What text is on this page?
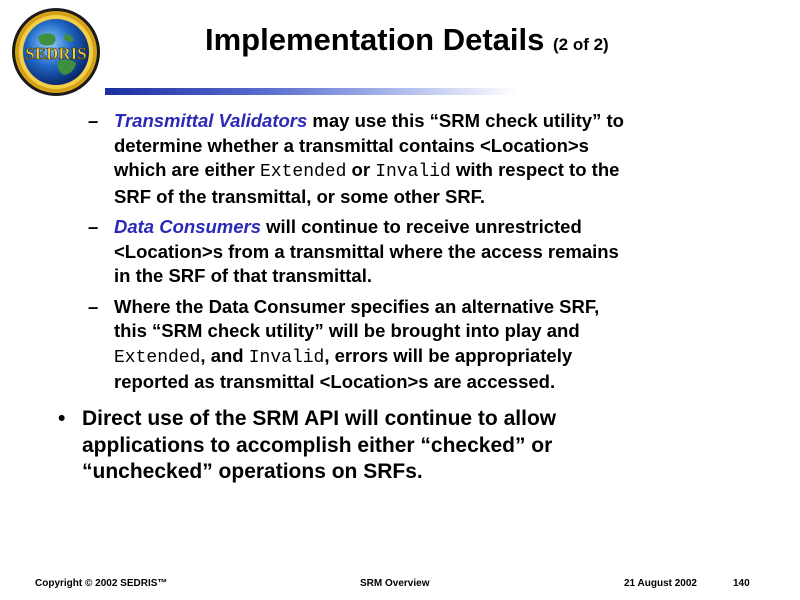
SEDRIS	Implementation Details (2 of 2)
– Transmittal Validators may use this “SRM check utility” to
determine whether a transmittal contains <Location>s
which are either Extended or Invalid with respect to the
SRF of the transmittal, or some other SRF.
– Data Consumers will continue to receive unrestricted
<Location>s from a transmittal where the access remains
in the SRF of that transmittal.
– Where the Data Consumer specifies an alternative SRF,
this “SRM check utility” will be brought into play and
Extended, and Invalid, errors will be appropriately
reported as transmittal <Location>s are accessed.

• Direct use of the SRM API will continue to allow
applications to accomplish either “checked” or
“unchecked” operations on SRFs.

Copyright © 2002 SEDRIS™	SRM Overview	21 August 2002	140
